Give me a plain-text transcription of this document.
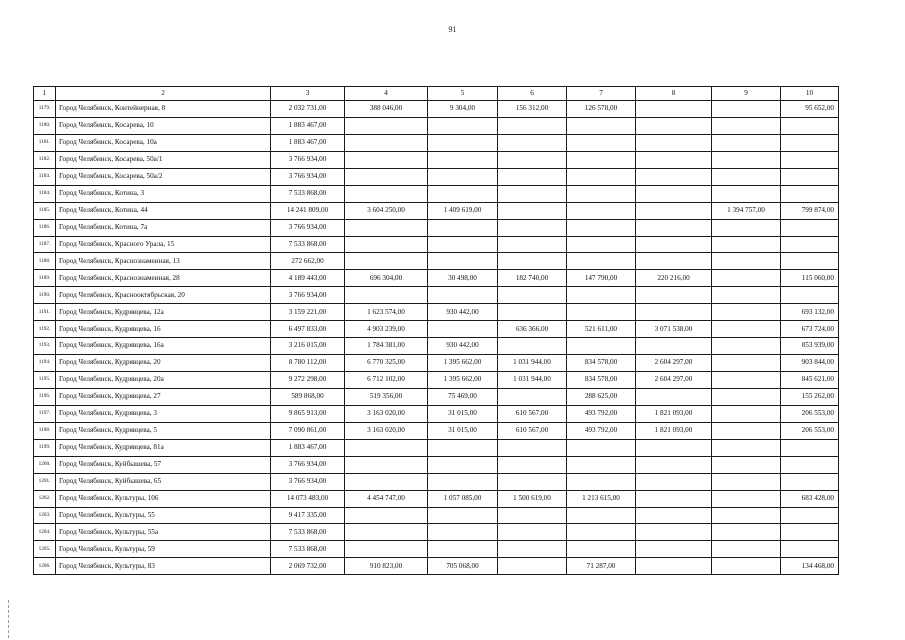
91
1	2	3	4	5	6	7	8	9	10
1179.	Город Челябинск, Контейнерная, 8	2 032 731,00	388 046,00	9 304,00	156 312,00	126 578,00			95 652,00
1180.	Город Челябинск, Косарева, 10	1 883 467,00							
1181.	Город Челябинск, Косарева, 10а	1 883 467,00							
1182.	Город Челябинск, Косарева, 50а/1	3 766 934,00							
1183.	Город Челябинск, Косарева, 50а/2	3 766 934,00							
1184.	Город Челябинск, Котина, 3	7 533 868,00							
1185.	Город Челябинск, Котина, 44	14 241 809,00	3 604 250,00	1 409 619,00				1 394 757,00	799 874,00
1186.	Город Челябинск, Котина, 7а	3 766 934,00							
1187.	Город Челябинск, Красного Урала, 15	7 533 868,00							
1188.	Город Челябинск, Краснознаменная, 13	272 662,00							
1189.	Город Челябинск, Краснознаменная, 28	4 189 443,00	696 304,00	30 498,00	182 740,00	147 790,00	220 216,00		115 060,00
1190.	Город Челябинск, Краснооктябрьская, 20	3 766 934,00							
1191.	Город Челябинск, Кудрявцева, 12а	3 159 221,00	1 623 574,00	930 442,00					693 132,00
1192.	Город Челябинск, Кудрявцева, 16	6 497 833,00	4 903 239,00		636 366,00	521 611,00	3 071 538,00		673 724,00
1193.	Город Челябинск, Кудрявцева, 16а	3 216 015,00	1 784 381,00	930 442,00					853 939,00
1194.	Город Челябинск, Кудрявцева, 20	8 780 112,00	6 770 325,00	1 395 662,00	1 031 944,00	834 578,00	2 604 297,00		903 844,00
1195.	Город Челябинск, Кудрявцева, 20а	9 272 298,00	6 712 102,00	1 395 662,00	1 031 944,00	834 578,00	2 604 297,00		845 621,00
1196.	Город Челябинск, Кудрявцева, 27	589 868,00	519 356,00	75 469,00		288 625,00			155 262,00
1197.	Город Челябинск, Кудрявцева, 3	9 865 913,00	3 163 020,00	31 015,00	610 567,00	493 792,00	1 821 093,00		206 553,00
1198.	Город Челябинск, Кудрявцева, 5	7 090 861,00	3 163 020,00	31 015,00	610 567,00	493 792,00	1 821 093,00		206 553,00
1199.	Город Челябинск, Кудрявцева, 81а	1 883 467,00							
1200.	Город Челябинск, Куйбышева, 57	3 766 934,00							
1201.	Город Челябинск, Куйбышева, 65	3 766 934,00							
1202.	Город Челябинск, Культуры, 106	14 073 483,00	4 454 747,00	1 057 085,00	1 500 619,00	1 213 615,00			683 428,00
1203.	Город Челябинск, Культуры, 55	9 417 335,00							
1204.	Город Челябинск, Культуры, 55а	7 533 868,00							
1205.	Город Челябинск, Культуры, 59	7 533 868,00							
1206.	Город Челябинск, Культуры, 83	2 069 732,00	910 823,00	705 068,00		71 287,00			134 468,00
